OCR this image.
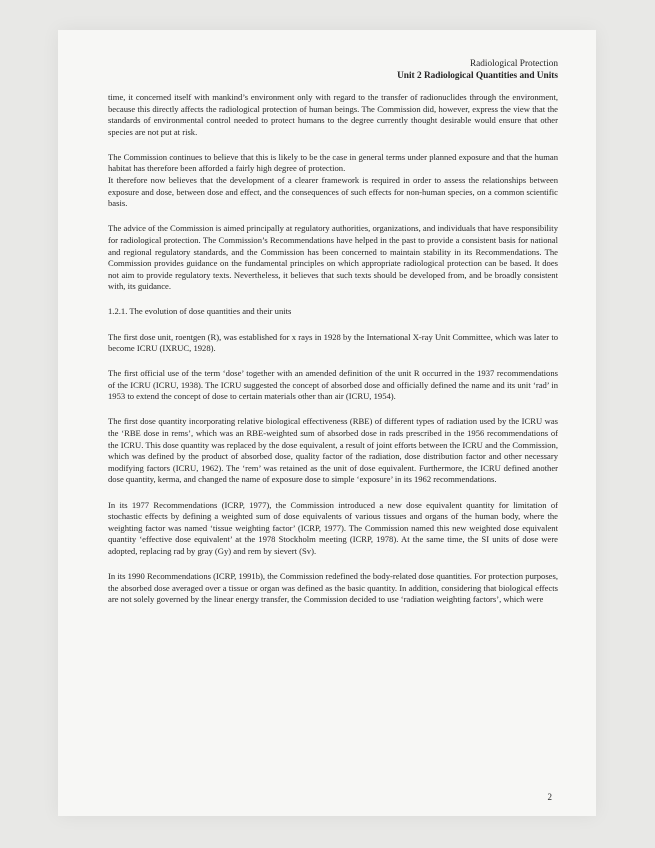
Radiological Protection
Unit 2 Radiological Quantities and Units

time, it concerned itself with mankind’s environment only with regard to the transfer of radionuclides through the environment, because this directly affects the radiological protection of human beings. The Commission did, however, express the view that the standards of environmental control needed to protect humans to the degree currently thought desirable would ensure that other species are not put at risk.

The Commission continues to believe that this is likely to be the case in general terms under planned exposure and that the human habitat has therefore been afforded a fairly high degree of protection.

It therefore now believes that the development of a clearer framework is required in order to assess the relationships between exposure and dose, between dose and effect, and the consequences of such effects for non-human species, on a common scientific basis.

The advice of the Commission is aimed principally at regulatory authorities, organizations, and individuals that have responsibility for radiological protection. The Commission’s Recommendations have helped in the past to provide a consistent basis for national and regional regulatory standards, and the Commission has been concerned to maintain stability in its Recommendations. The Commission provides guidance on the fundamental principles on which appropriate radiological protection can be based. It does not aim to provide regulatory texts. Nevertheless, it believes that such texts should be developed from, and be broadly consistent with, its guidance.

1.2.1. The evolution of dose quantities and their units

The first dose unit, roentgen (R), was established for x rays in 1928 by the International X-ray Unit Committee, which was later to become ICRU (IXRUC, 1928).

The first official use of the term ‘dose’ together with an amended definition of the unit R occurred in the 1937 recommendations of the ICRU (ICRU, 1938). The ICRU suggested the concept of absorbed dose and officially defined the name and its unit ‘rad’ in 1953 to extend the concept of dose to certain materials other than air (ICRU, 1954).

The first dose quantity incorporating relative biological effectiveness (RBE) of different types of radiation used by the ICRU was the ‘RBE dose in rems’, which was an RBE-weighted sum of absorbed dose in rads prescribed in the 1956 recommendations of the ICRU. This dose quantity was replaced by the dose equivalent, a result of joint efforts between the ICRU and the Commission, which was defined by the product of absorbed dose, quality factor of the radiation, dose distribution factor and other necessary modifying factors (ICRU, 1962). The ‘rem’ was retained as the unit of dose equivalent. Furthermore, the ICRU defined another dose quantity, kerma, and changed the name of exposure dose to simple ‘exposure’ in its 1962 recommendations.

In its 1977 Recommendations (ICRP, 1977), the Commission introduced a new dose equivalent quantity for limitation of stochastic effects by defining a weighted sum of dose equivalents of various tissues and organs of the human body, where the weighting factor was named ‘tissue weighting factor’ (ICRP, 1977). The Commission named this new weighted dose equivalent quantity ‘effective dose equivalent’ at the 1978 Stockholm meeting (ICRP, 1978). At the same time, the SI units of dose were adopted, replacing rad by gray (Gy) and rem by sievert (Sv).

In its 1990 Recommendations (ICRP, 1991b), the Commission redefined the body-related dose quantities. For protection purposes, the absorbed dose averaged over a tissue or organ was defined as the basic quantity. In addition, considering that biological effects are not solely governed by the linear energy transfer, the Commission decided to use ‘radiation weighting factors’, which were

2
